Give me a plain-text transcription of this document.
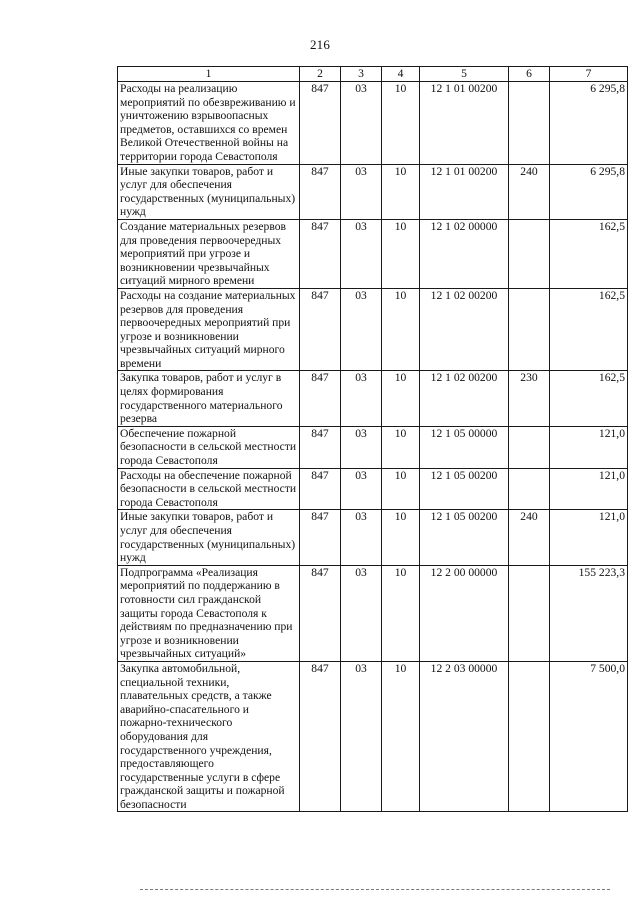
216
1	2	3	4	5	6	7
Расходы на реализацию мероприятий по обезвреживанию и уничтожению взрывоопасных предметов, оставшихся со времен Великой Отечественной войны на территории города Севастополя	847	03	10	12 1 01 00200		6 295,8
Иные закупки товаров, работ и услуг для обеспечения государственных (муниципальных) нужд	847	03	10	12 1 01 00200	240	6 295,8
Создание материальных резервов для проведения первоочередных мероприятий при угрозе и возникновении чрезвычайных ситуаций мирного времени	847	03	10	12 1 02 00000		162,5
Расходы на создание материальных резервов для проведения первоочередных мероприятий при угрозе и возникновении чрезвычайных ситуаций мирного времени	847	03	10	12 1 02 00200		162,5
Закупка товаров, работ и услуг в целях формирования государственного материального резерва	847	03	10	12 1 02 00200	230	162,5
Обеспечение пожарной безопасности в сельской местности города Севастополя	847	03	10	12 1 05 00000		121,0
Расходы на обеспечение пожарной безопасности в сельской местности города Севастополя	847	03	10	12 1 05 00200		121,0
Иные закупки товаров, работ и услуг для обеспечения государственных (муниципальных) нужд	847	03	10	12 1 05 00200	240	121,0
Подпрограмма «Реализация мероприятий по поддержанию в готовности сил гражданской защиты города Севастополя к действиям по предназначению при угрозе и возникновении чрезвычайных ситуаций»	847	03	10	12 2 00 00000		155 223,3
Закупка автомобильной, специальной техники, плавательных средств, а также аварийно-спасательного и пожарно-технического оборудования для государственного учреждения, предоставляющего государственные услуги в сфере гражданской защиты и пожарной безопасности	847	03	10	12 2 03 00000		7 500,0
